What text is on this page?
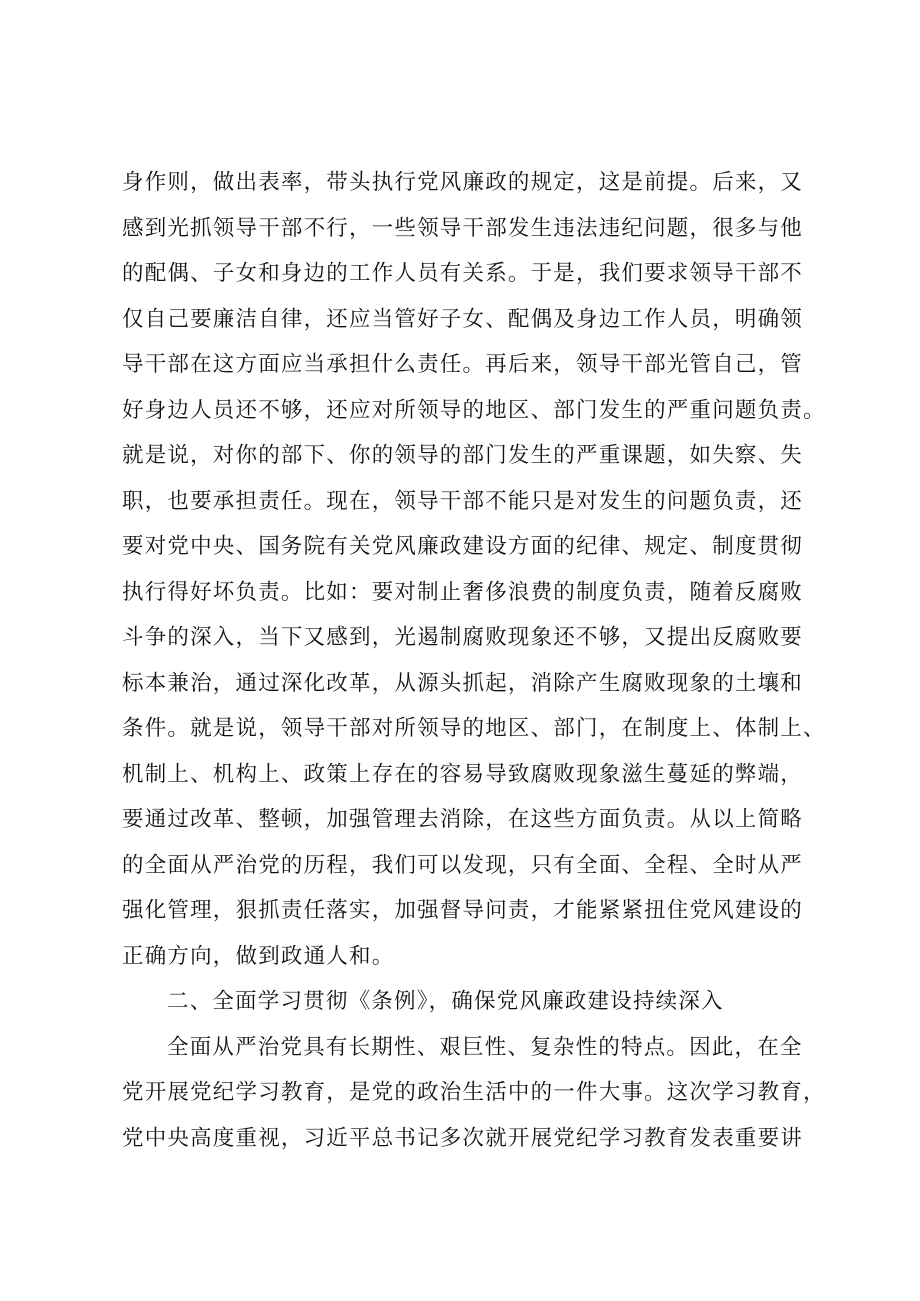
身作则，做出表率，带头执行党风廉政的规定，这是前提。后来，又
感到光抓领导干部不行，一些领导干部发生违法违纪问题，很多与他
的配偶、子女和身边的工作人员有关系。于是，我们要求领导干部不
仅自己要廉洁自律，还应当管好子女、配偶及身边工作人员，明确领
导干部在这方面应当承担什么责任。再后来，领导干部光管自己，管
好身边人员还不够，还应对所领导的地区、部门发生的严重问题负责。
就是说，对你的部下、你的领导的部门发生的严重课题，如失察、失
职，也要承担责任。现在，领导干部不能只是对发生的问题负责，还
要对党中央、国务院有关党风廉政建设方面的纪律、规定、制度贯彻
执行得好坏负责。比如：要对制止奢侈浪费的制度负责，随着反腐败
斗争的深入，当下又感到，光遏制腐败现象还不够，又提出反腐败要
标本兼治，通过深化改革，从源头抓起，消除产生腐败现象的土壤和
条件。就是说，领导干部对所领导的地区、部门，在制度上、体制上、
机制上、机构上、政策上存在的容易导致腐败现象滋生蔓延的弊端，
要通过改革、整顿，加强管理去消除，在这些方面负责。从以上简略
的全面从严治党的历程，我们可以发现，只有全面、全程、全时从严
强化管理，狠抓责任落实，加强督导问责，才能紧紧扭住党风建设的
正确方向，做到政通人和。
二、全面学习贯彻《条例》，确保党风廉政建设持续深入
全面从严治党具有长期性、艰巨性、复杂性的特点。因此，在全
党开展党纪学习教育，是党的政治生活中的一件大事。这次学习教育，
党中央高度重视，习近平总书记多次就开展党纪学习教育发表重要讲
